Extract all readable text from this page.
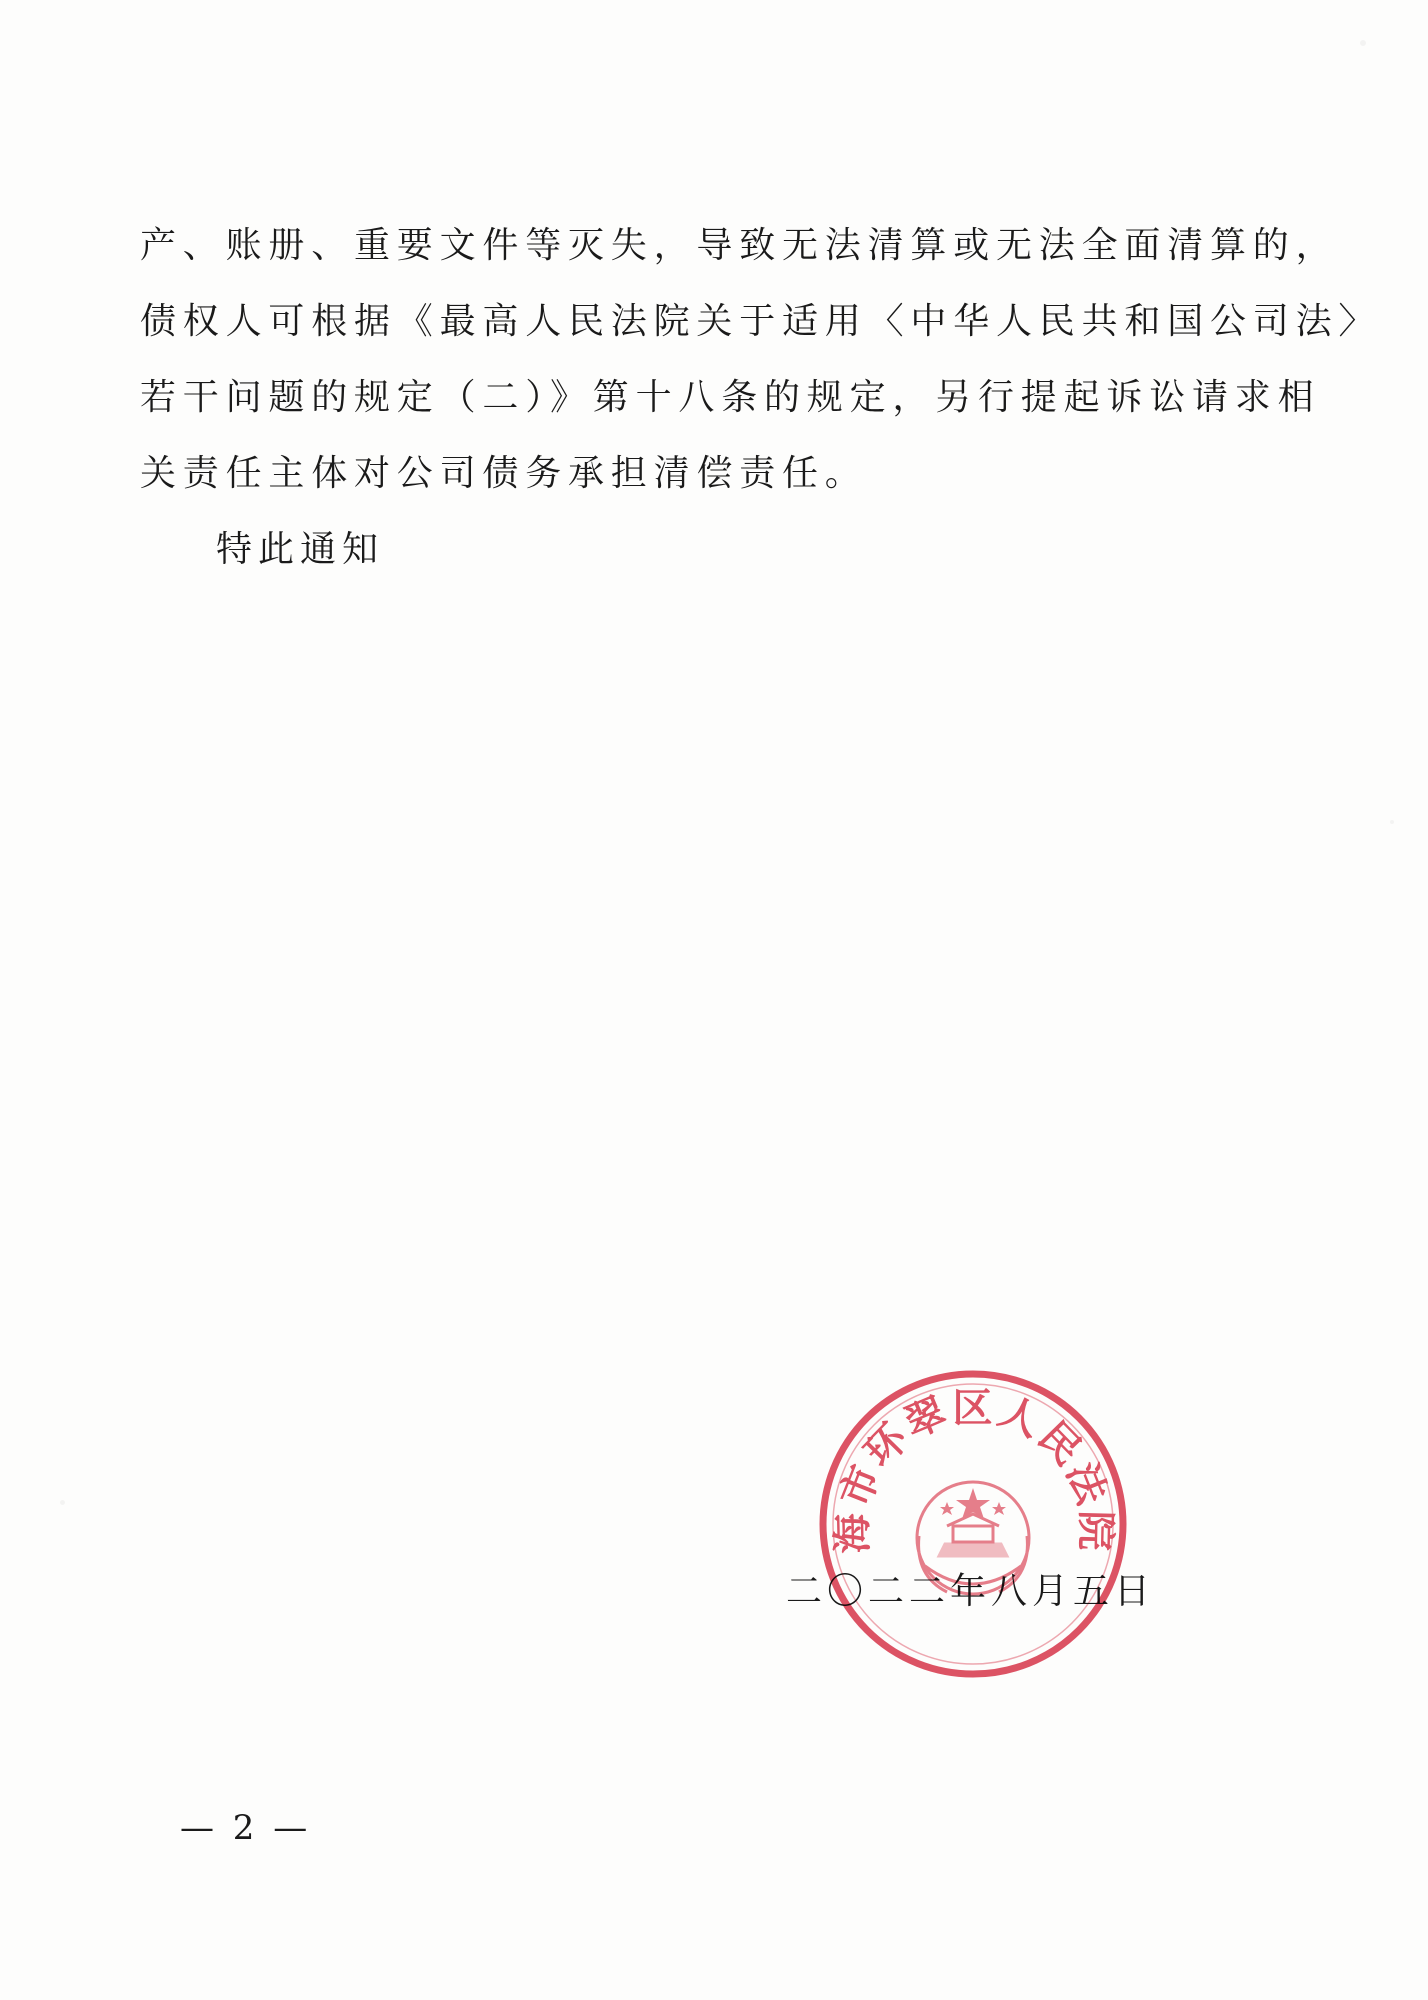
产、账册、重要文件等灭失，导致无法清算或无法全面清算的，
债权人可根据《最高人民法院关于适用〈中华人民共和国公司法〉
若干问题的规定（二）》第十八条的规定，另行提起诉讼请求相
关责任主体对公司债务承担清偿责任。
特此通知
二〇二二年八月五日
海市环翠区人民法院
— 2 —
